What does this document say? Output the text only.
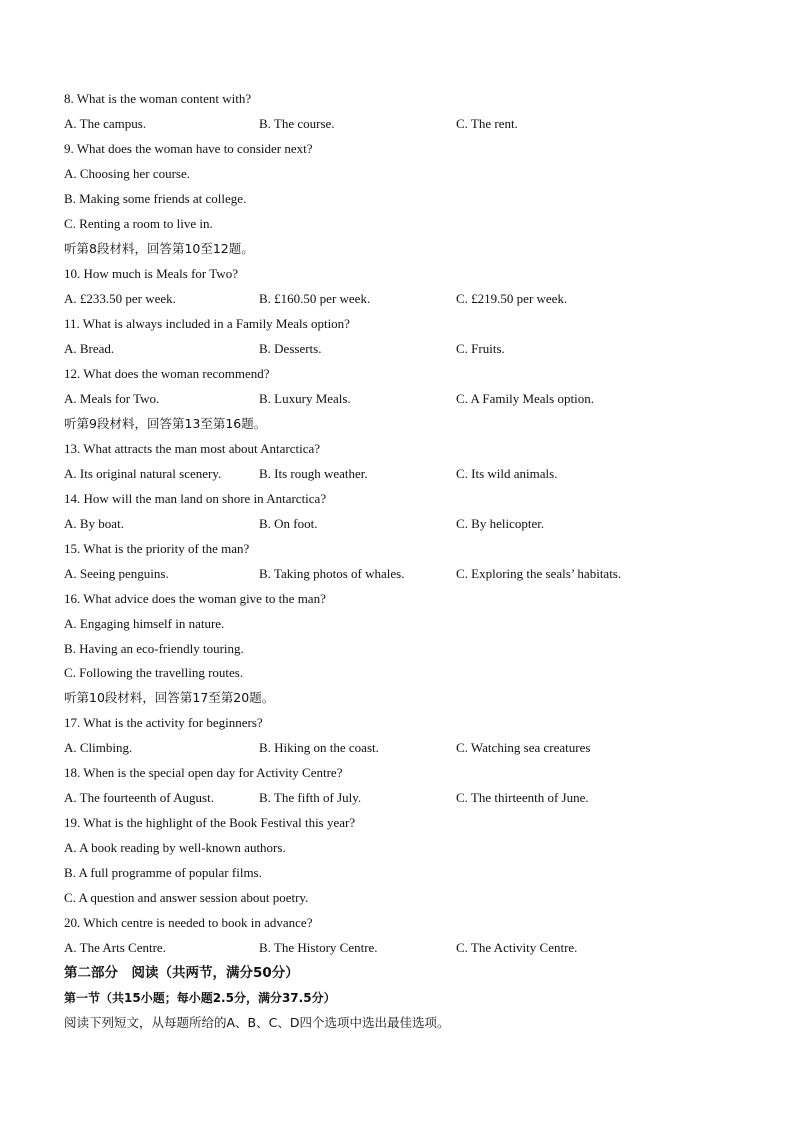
8. What is the woman content with?
A. The campus.	B. The course.	C. The rent.
9. What does the woman have to consider next?
A. Choosing her course.
B. Making some friends at college.
C. Renting a room to live in.
听第8段材料，回答第10至12题。
10. How much is Meals for Two?
A. £233.50 per week.	B. £160.50 per week.	C. £219.50 per week.
11. What is always included in a Family Meals option?
A. Bread.	B. Desserts.	C. Fruits.
12. What does the woman recommend?
A. Meals for Two.	B. Luxury Meals.	C. A Family Meals option.
听第9段材料，回答第13至第16题。
13. What attracts the man most about Antarctica?
A. Its original natural scenery.	B. Its rough weather.	C. Its wild animals.
14. How will the man land on shore in Antarctica?
A. By boat.	B. On foot.	C. By helicopter.
15. What is the priority of the man?
A. Seeing penguins.	B. Taking photos of whales.	C. Exploring the seals’ habitats.
16. What advice does the woman give to the man?
A. Engaging himself in nature.
B. Having an eco-friendly touring.
C. Following the travelling routes.
听第10段材料，回答第17至第20题。
17. What is the activity for beginners?
A. Climbing.	B. Hiking on the coast.	C. Watching sea creatures
18. When is the special open day for Activity Centre?
A. The fourteenth of August.	B. The fifth of July.	C. The thirteenth of June.
19. What is the highlight of the Book Festival this year?
A. A book reading by well-known authors.
B. A full programme of popular films.
C. A question and answer session about poetry.
20. Which centre is needed to book in advance?
A. The Arts Centre.	B. The History Centre.	C. The Activity Centre.
第二部分　阅读（共两节，满分50分）
第一节（共15小题；每小题2.5分，满分37.5分）
阅读下列短文，从每题所给的A、B、C、D四个选项中选出最佳选项。
